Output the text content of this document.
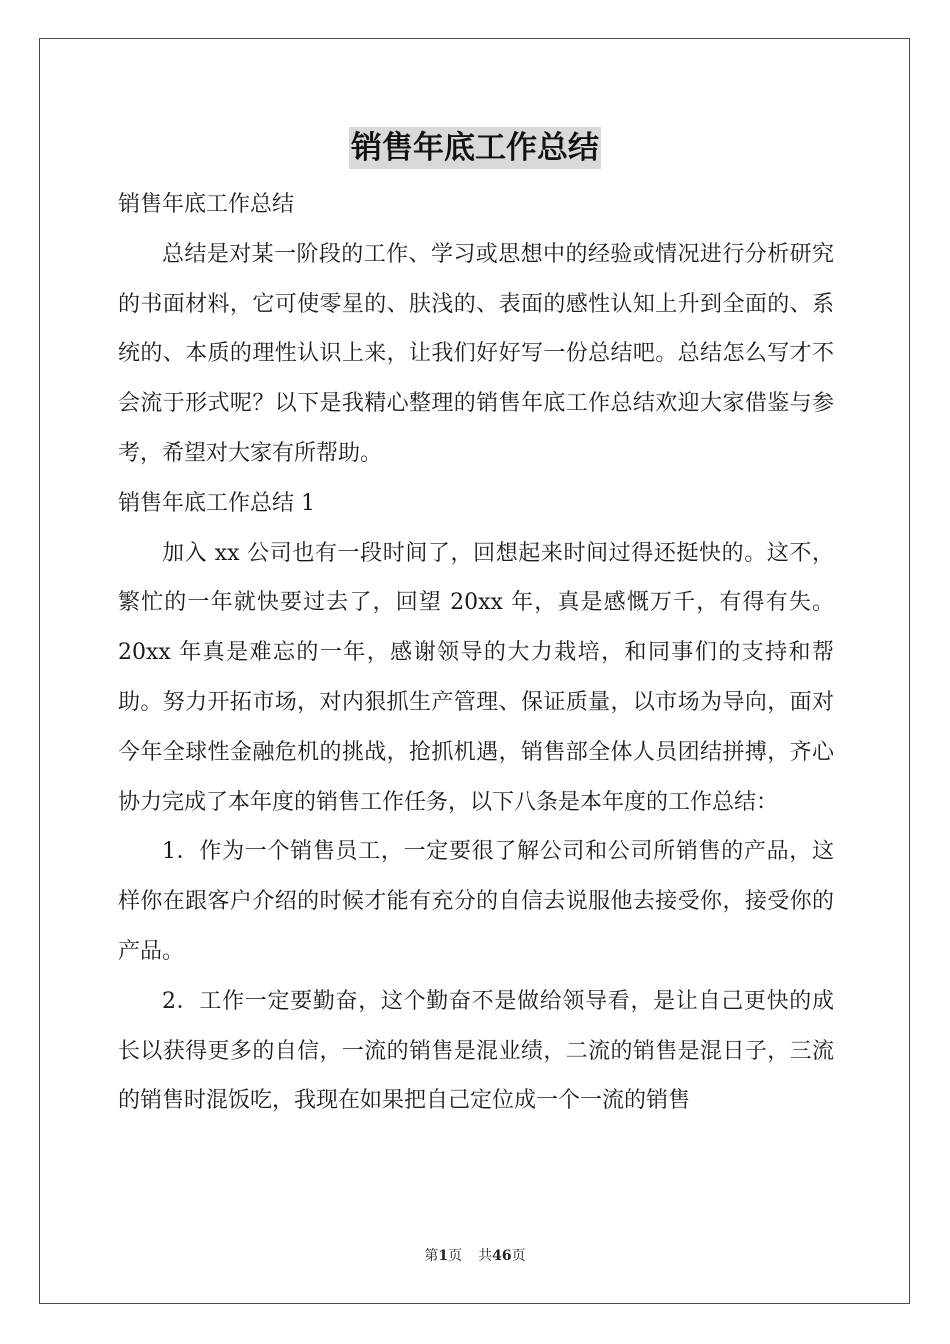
销售年底工作总结

销售年底工作总结

总结是对某一阶段的工作、学习或思想中的经验或情况进行分析研究的书面材料，它可使零星的、肤浅的、表面的感性认知上升到全面的、系统的、本质的理性认识上来，让我们好好写一份总结吧。总结怎么写才不会流于形式呢？以下是我精心整理的销售年底工作总结欢迎大家借鉴与参考，希望对大家有所帮助。

销售年底工作总结 1

加入 xx 公司也有一段时间了，回想起来时间过得还挺快的。这不，繁忙的一年就快要过去了，回望 20xx 年，真是感慨万千，有得有失。20xx 年真是难忘的一年，感谢领导的大力栽培，和同事们的支持和帮助。努力开拓市场，对内狠抓生产管理、保证质量，以市场为导向，面对今年全球性金融危机的挑战，抢抓机遇，销售部全体人员团结拼搏，齐心协力完成了本年度的销售工作任务，以下八条是本年度的工作总结：

1．作为一个销售员工，一定要很了解公司和公司所销售的产品，这样你在跟客户介绍的时候才能有充分的自信去说服他去接受你，接受你的产品。

2．工作一定要勤奋，这个勤奋不是做给领导看，是让自己更快的成长以获得更多的自信，一流的销售是混业绩，二流的销售是混日子，三流的销售时混饭吃，我现在如果把自己定位成一个一流的销售

第1页 共46页
